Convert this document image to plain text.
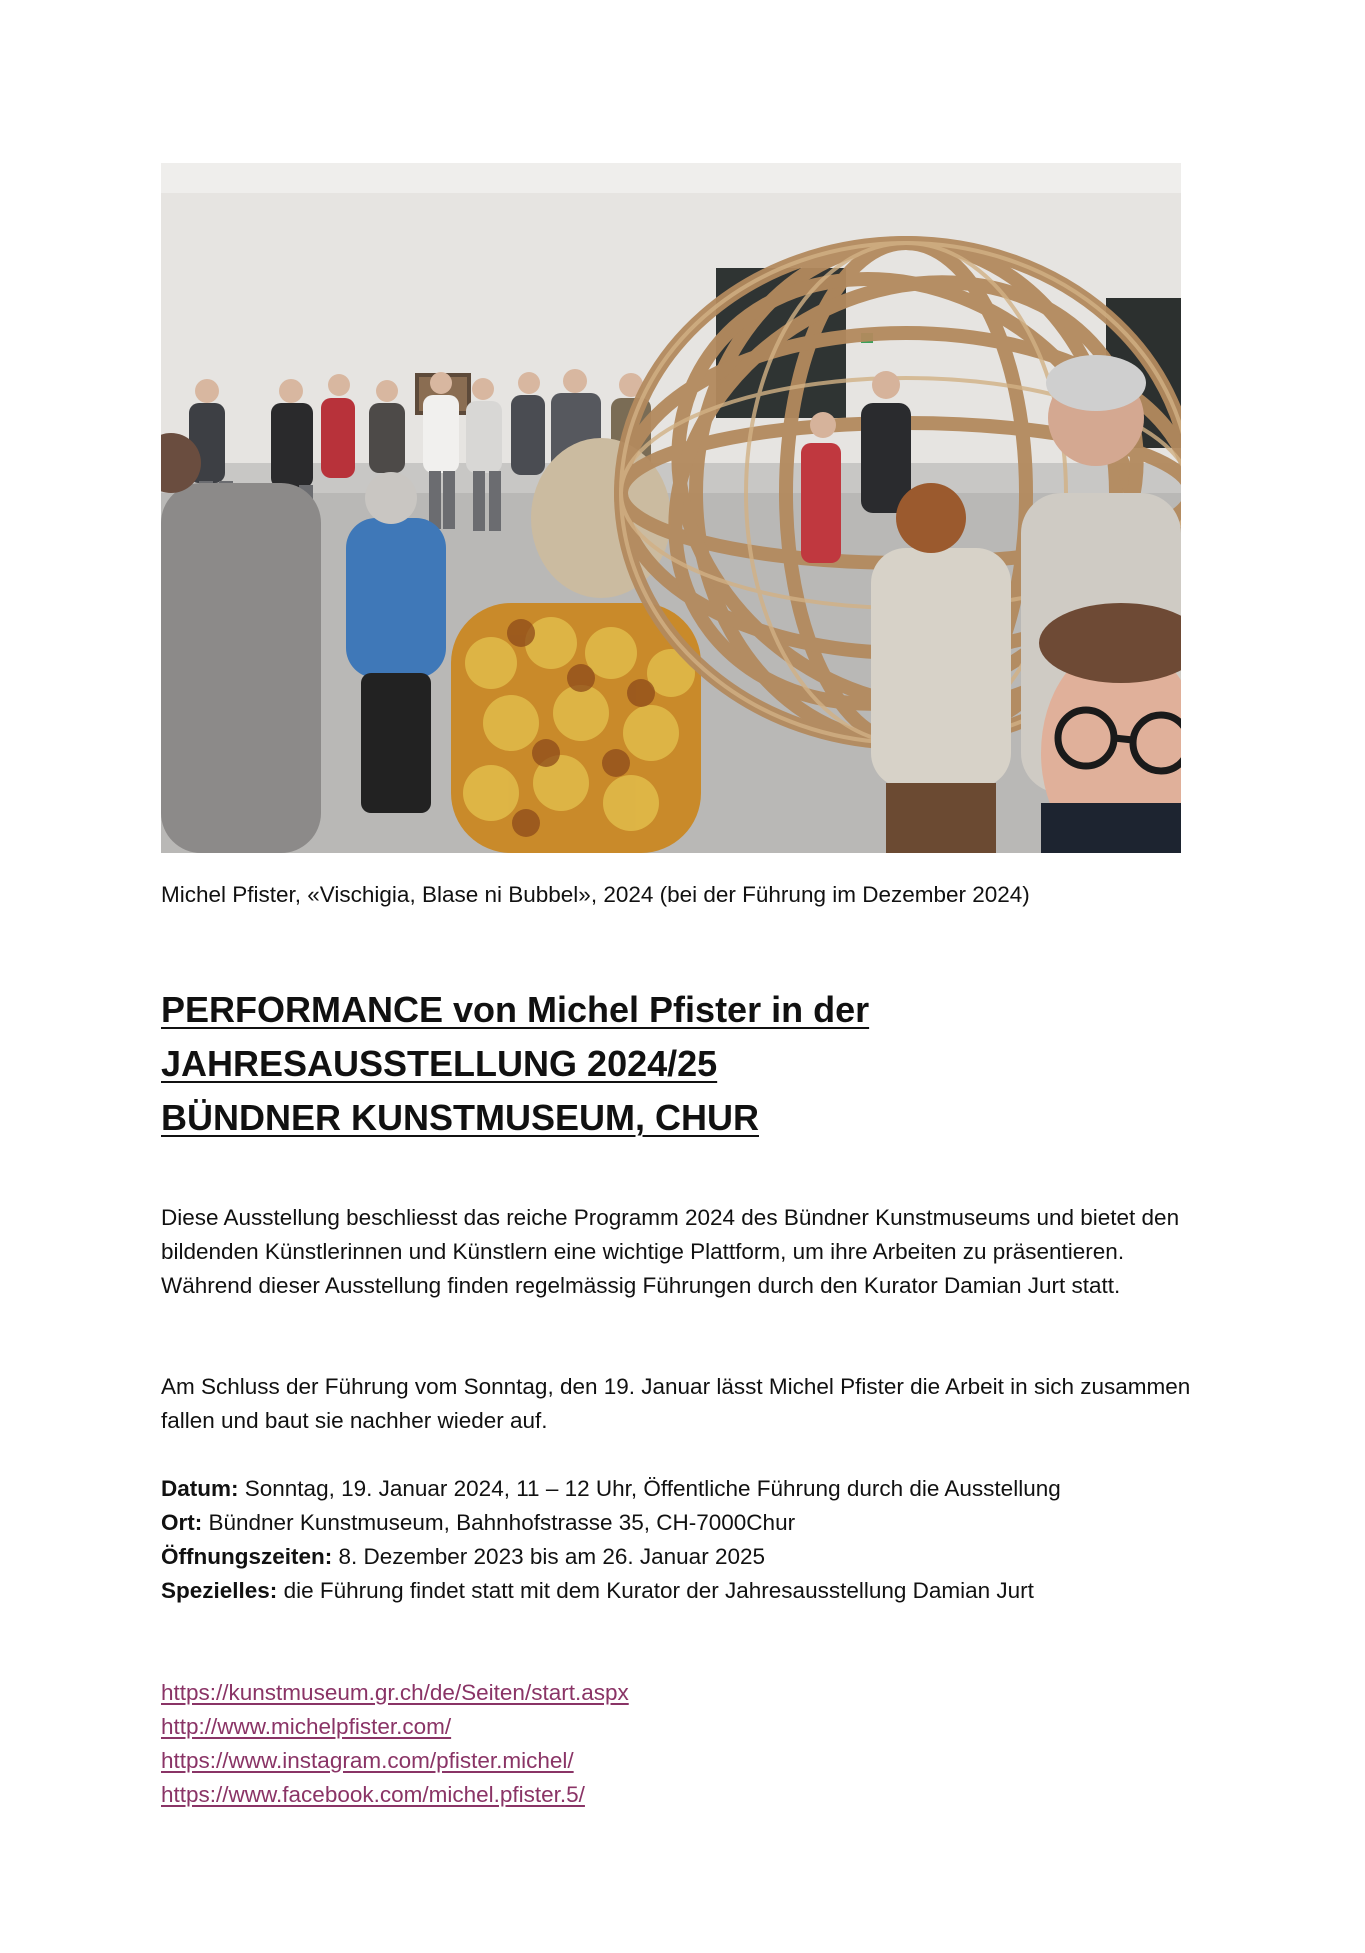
Michel Pfister, «Vischigia, Blase ni Bubbel», 2024 (bei der Führung im Dezember 2024)
PERFORMANCE von Michel Pfister in der
JAHRESAUSSTELLUNG 2024/25
BÜNDNER KUNSTMUSEUM, CHUR

Diese Ausstellung beschliesst das reiche Programm 2024 des Bündner Kunstmuseums und bietet den bildenden Künstlerinnen und Künstlern eine wichtige Plattform, um ihre Arbeiten zu präsentieren. Während dieser Ausstellung finden regelmässig Führungen durch den Kurator Damian Jurt statt.

Am Schluss der Führung vom Sonntag, den 19. Januar lässt Michel Pfister die Arbeit in sich zusammen fallen und baut sie nachher wieder auf.

Datum: Sonntag, 19. Januar 2024, 11 – 12 Uhr, Öffentliche Führung durch die Ausstellung
Ort: Bündner Kunstmuseum, Bahnhofstrasse 35, CH-7000Chur
Öffnungszeiten: 8. Dezember 2023 bis am 26. Januar 2025
Spezielles: die Führung findet statt mit dem Kurator der Jahresausstellung Damian Jurt
https://kunstmuseum.gr.ch/de/Seiten/start.aspx
http://www.michelpfister.com/
https://www.instagram.com/pfister.michel/
https://www.facebook.com/michel.pfister.5/
